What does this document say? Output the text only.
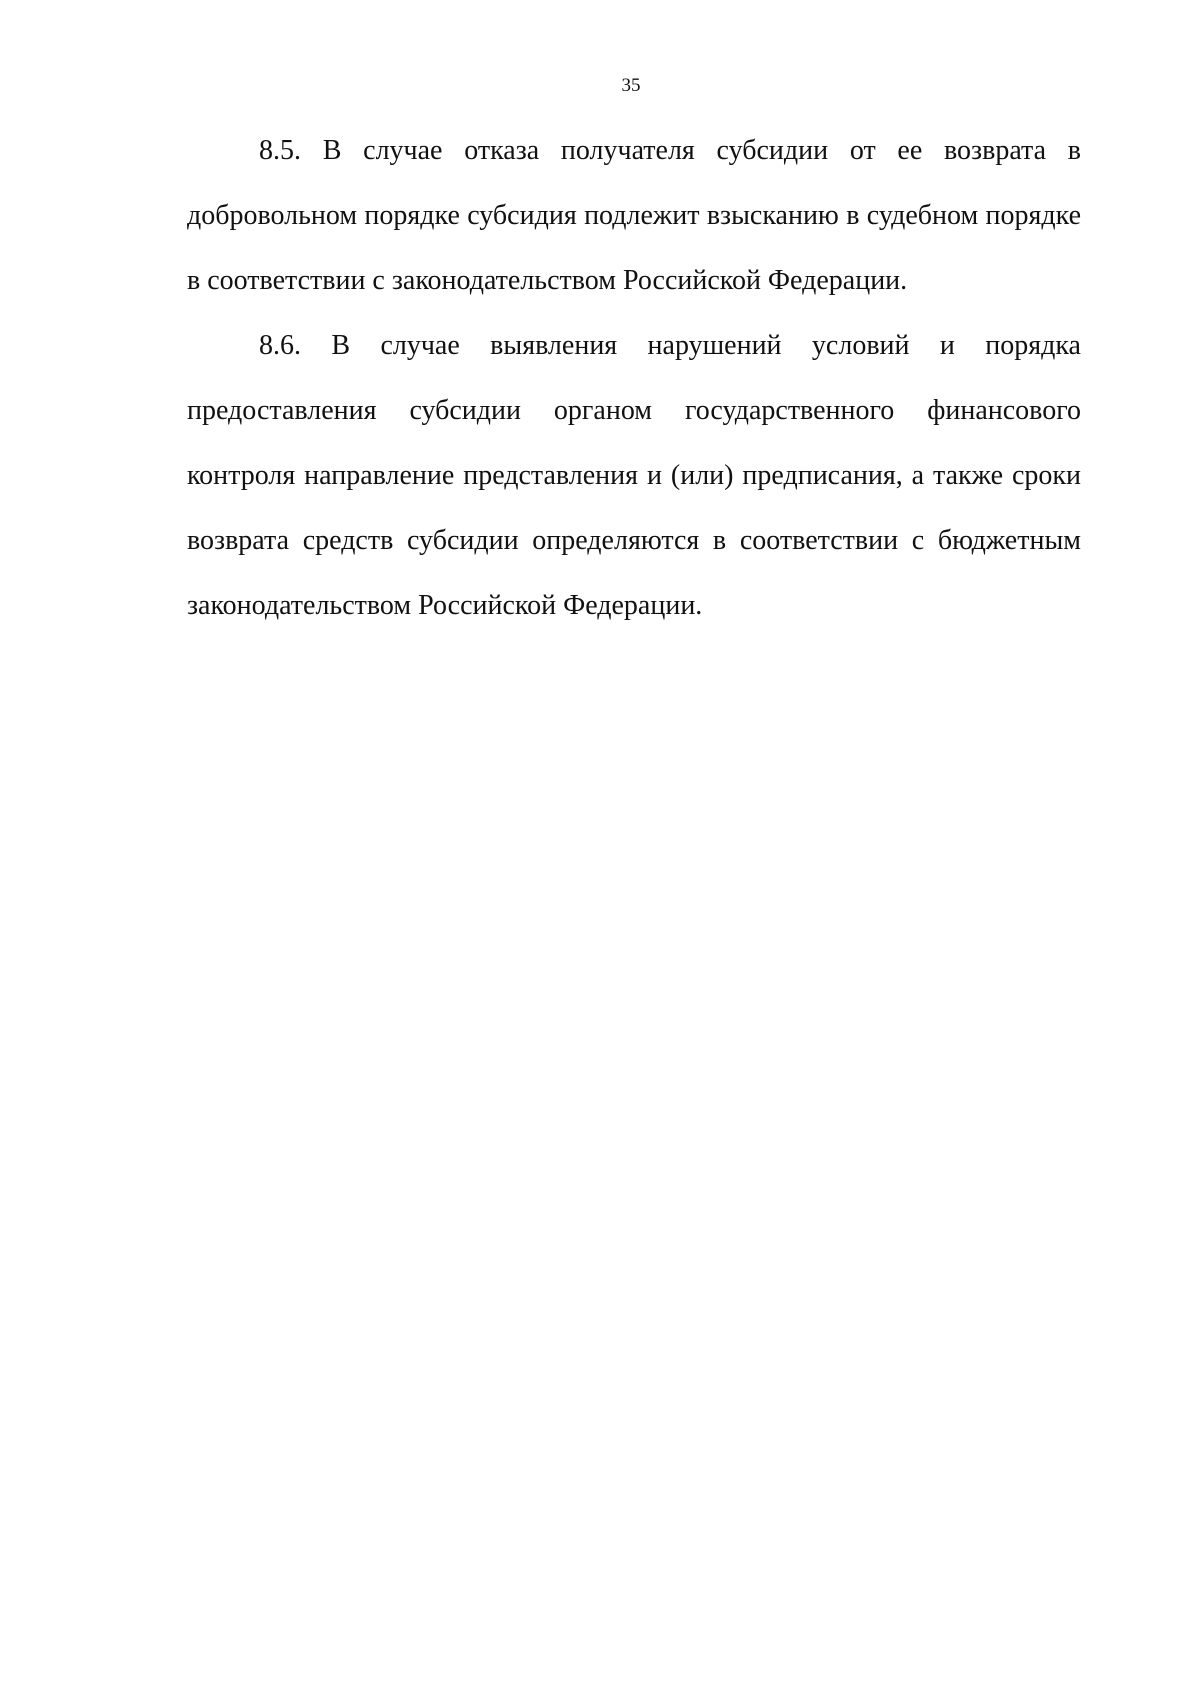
35

8.5. В случае отказа получателя субсидии от ее возврата в добровольном порядке субсидия подлежит взысканию в судебном порядке в соответствии с законодательством Российской Федерации.

8.6. В случае выявления нарушений условий и порядка предоставления субсидии органом государственного финансового контроля направление представления и (или) предписания, а также сроки возврата средств субсидии определяются в соответствии с бюджетным законодательством Российской Федерации.
